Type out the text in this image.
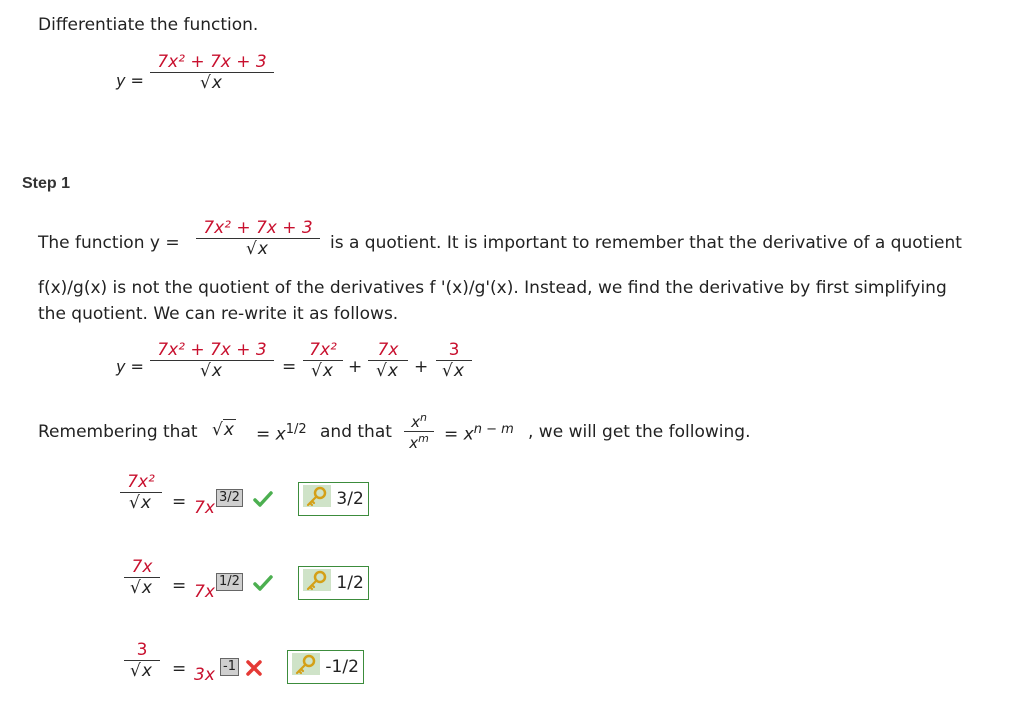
Differentiate the function.
y =
7x² + 7x + 3
√x
Step 1
The function y =
7x² + 7x + 3
√x	is a quotient. It is important to remember that the derivative of a quotient
f(x)/g(x) is not the quotient of the derivatives f '(x)/g'(x). Instead, we find the derivative by first simplifying
the quotient. We can re-write it as follows.
y =
7x² + 7x + 3
√x	=
7x²
√x +
7x
√x +
3
√x
Remembering that $√x = x^{1/2}$ and that	$x^n$
$x^m = x^{n - m}$ , we will get the following.
7x²
√x	= 7x
3/2	3/2
7x
√x	= 7x
1/2	1/2
3
√x	= 3x -1	-1/2
